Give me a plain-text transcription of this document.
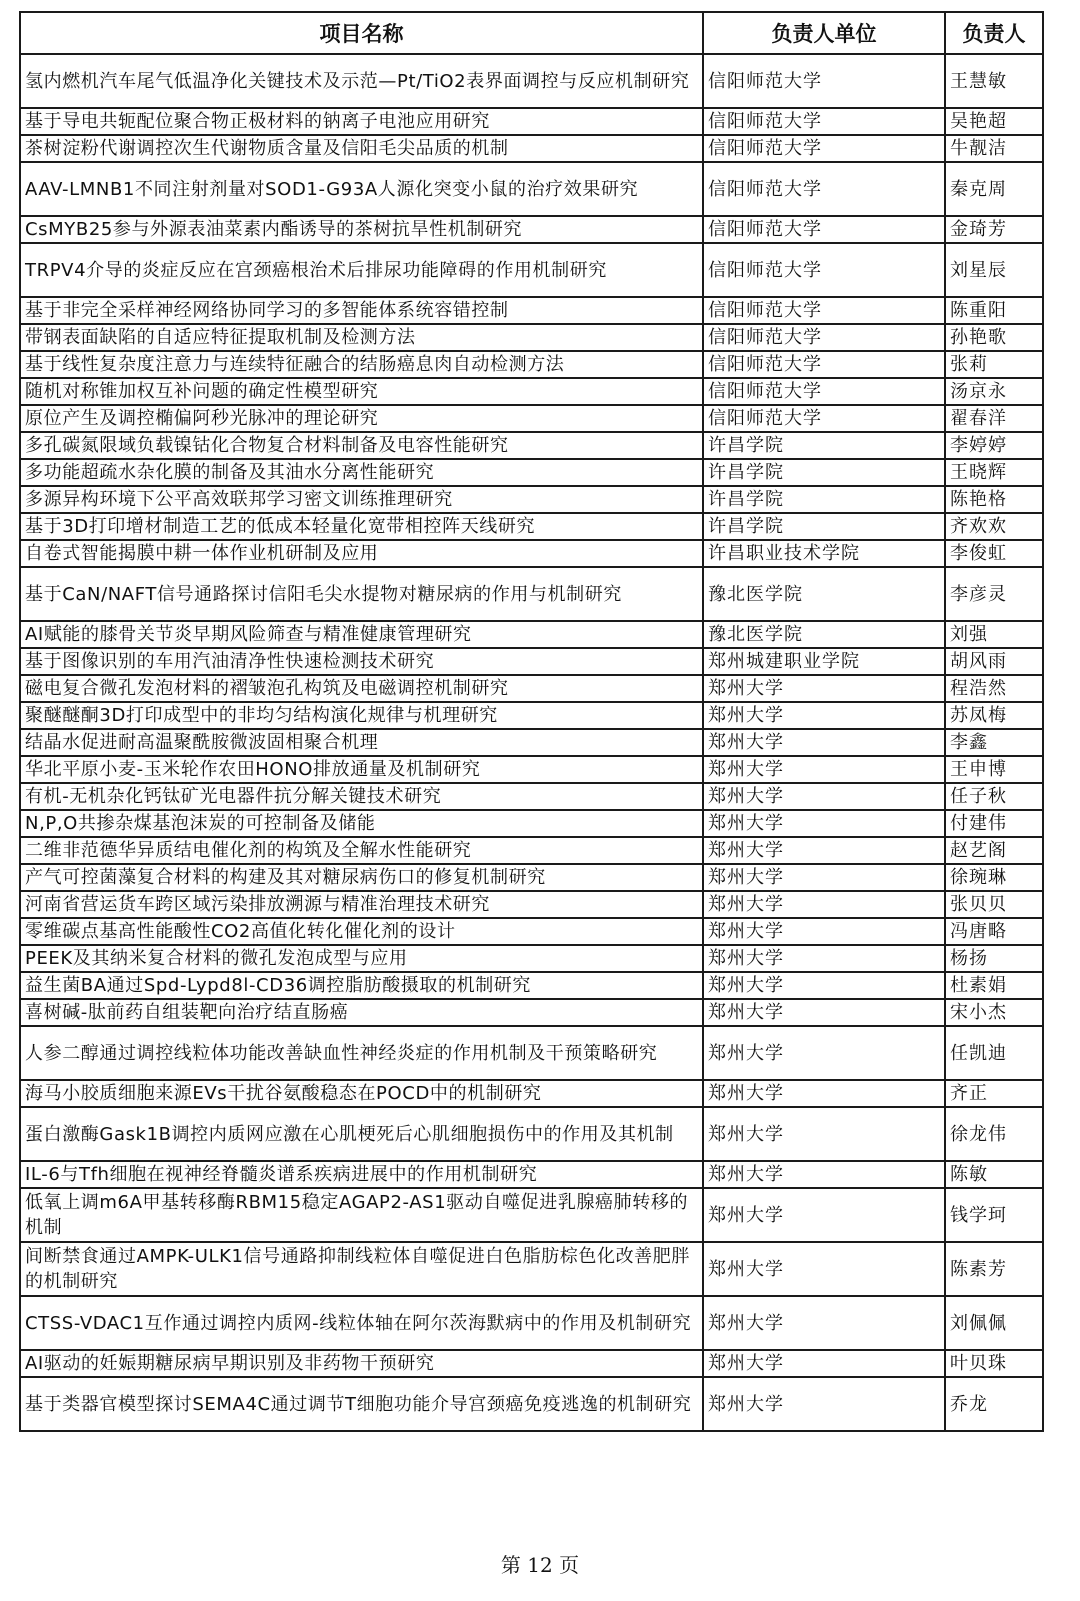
项目名称	负责人单位	负责人
氢内燃机汽车尾气低温净化关键技术及示范—Pt/TiO2表界面调控与反应机制研究	信阳师范大学	王慧敏
基于导电共轭配位聚合物正极材料的钠离子电池应用研究	信阳师范大学	吴艳超
茶树淀粉代谢调控次生代谢物质含量及信阳毛尖品质的机制	信阳师范大学	牛靓洁
AAV-LMNB1不同注射剂量对SOD1-G93A人源化突变小鼠的治疗效果研究	信阳师范大学	秦克周
CsMYB25参与外源表油菜素内酯诱导的茶树抗旱性机制研究	信阳师范大学	金琦芳
TRPV4介导的炎症反应在宫颈癌根治术后排尿功能障碍的作用机制研究	信阳师范大学	刘星辰
基于非完全采样神经网络协同学习的多智能体系统容错控制	信阳师范大学	陈重阳
带钢表面缺陷的自适应特征提取机制及检测方法	信阳师范大学	孙艳歌
基于线性复杂度注意力与连续特征融合的结肠癌息肉自动检测方法	信阳师范大学	张莉
随机对称锥加权互补问题的确定性模型研究	信阳师范大学	汤京永
原位产生及调控椭偏阿秒光脉冲的理论研究	信阳师范大学	翟春洋
多孔碳氮限域负载镍钴化合物复合材料制备及电容性能研究	许昌学院	李婷婷
多功能超疏水杂化膜的制备及其油水分离性能研究	许昌学院	王晓辉
多源异构环境下公平高效联邦学习密文训练推理研究	许昌学院	陈艳格
基于3D打印增材制造工艺的低成本轻量化宽带相控阵天线研究	许昌学院	齐欢欢
自卷式智能揭膜中耕一体作业机研制及应用	许昌职业技术学院	李俊虹
基于CaN/NAFT信号通路探讨信阳毛尖水提物对糖尿病的作用与机制研究	豫北医学院	李彦灵
AI赋能的膝骨关节炎早期风险筛查与精准健康管理研究	豫北医学院	刘强
基于图像识别的车用汽油清净性快速检测技术研究	郑州城建职业学院	胡风雨
磁电复合微孔发泡材料的褶皱泡孔构筑及电磁调控机制研究	郑州大学	程浩然
聚醚醚酮3D打印成型中的非均匀结构演化规律与机理研究	郑州大学	苏凤梅
结晶水促进耐高温聚酰胺微波固相聚合机理	郑州大学	李鑫
华北平原小麦-玉米轮作农田HONO排放通量及机制研究	郑州大学	王申博
有机-无机杂化钙钛矿光电器件抗分解关键技术研究	郑州大学	任子秋
N,P,O共掺杂煤基泡沫炭的可控制备及储能	郑州大学	付建伟
二维非范德华异质结电催化剂的构筑及全解水性能研究	郑州大学	赵艺阁
产气可控菌藻复合材料的构建及其对糖尿病伤口的修复机制研究	郑州大学	徐琬琳
河南省营运货车跨区域污染排放溯源与精准治理技术研究	郑州大学	张贝贝
零维碳点基高性能酸性CO2高值化转化催化剂的设计	郑州大学	冯唐略
PEEK及其纳米复合材料的微孔发泡成型与应用	郑州大学	杨扬
益生菌BA通过Spd-Lypd8l-CD36调控脂肪酸摄取的机制研究	郑州大学	杜素娟
喜树碱-肽前药自组装靶向治疗结直肠癌	郑州大学	宋小杰
人参二醇通过调控线粒体功能改善缺血性神经炎症的作用机制及干预策略研究	郑州大学	任凯迪
海马小胶质细胞来源EVs干扰谷氨酸稳态在POCD中的机制研究	郑州大学	齐正
蛋白激酶Gask1B调控内质网应激在心肌梗死后心肌细胞损伤中的作用及其机制	郑州大学	徐龙伟
IL-6与Tfh细胞在视神经脊髓炎谱系疾病进展中的作用机制研究	郑州大学	陈敏
低氧上调m6A甲基转移酶RBM15稳定AGAP2-AS1驱动自噬促进乳腺癌肺转移的机制	郑州大学	钱学珂
间断禁食通过AMPK-ULK1信号通路抑制线粒体自噬促进白色脂肪棕色化改善肥胖的机制研究	郑州大学	陈素芳
CTSS-VDAC1互作通过调控内质网-线粒体轴在阿尔茨海默病中的作用及机制研究	郑州大学	刘佩佩
AI驱动的妊娠期糖尿病早期识别及非药物干预研究	郑州大学	叶贝珠
基于类器官模型探讨SEMA4C通过调节T细胞功能介导宫颈癌免疫逃逸的机制研究	郑州大学	乔龙
第 12 页
